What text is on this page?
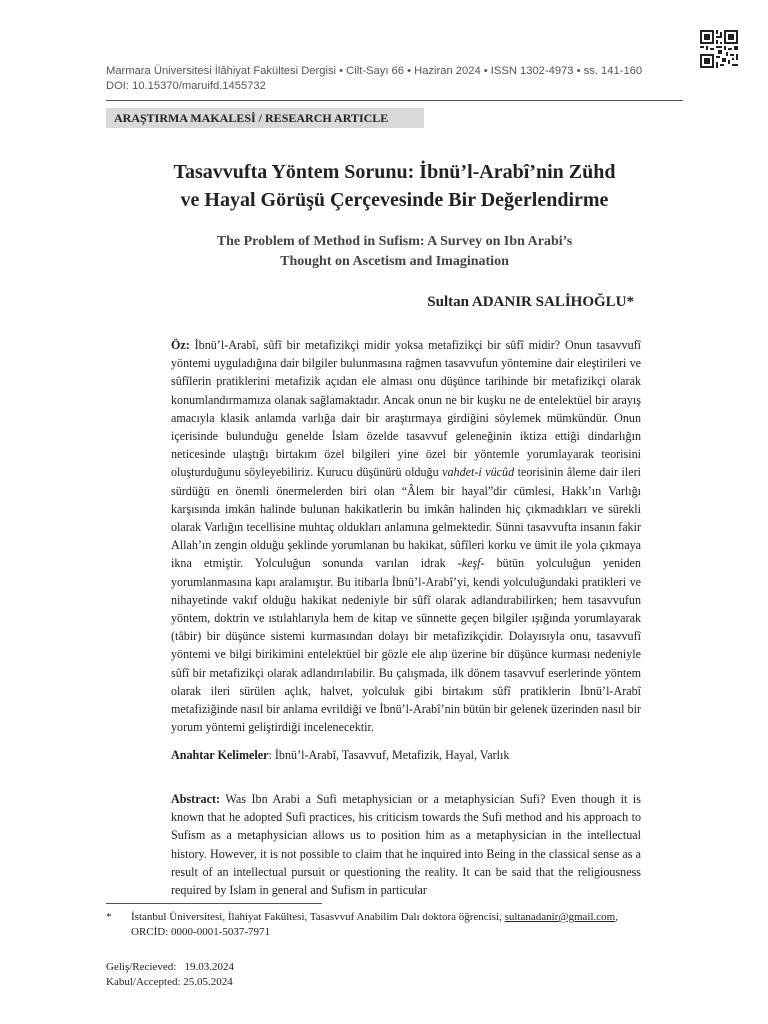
Marmara Üniversitesi İlâhiyat Fakültesi Dergisi • Cilt-Sayı 66 • Haziran 2024 • ISSN 1302-4973 • ss. 141-160
DOI: 10.15370/maruifd.1455732
ARAŞTIRMA MAKALESİ / RESEARCH ARTICLE
Tasavvufta Yöntem Sorunu: İbnü’l-Arabî’nin Zühd
ve Hayal Görüşü Çerçevesinde Bir Değerlendirme
The Problem of Method in Sufism: A Survey on Ibn Arabi’s
Thought on Ascetism and Imagination
Sultan ADANIR SALİHOĞLU*
Öz: İbnü’l-Arabî, sûfî bir metafizikçi midir yoksa metafizikçi bir sûfî midir? Onun tasavvufî yöntemi uyguladığına dair bilgiler bulunmasına rağmen tasavvufun yöntemine dair eleştirileri ve sûfîlerin pratiklerini metafizik açıdan ele alması onu düşünce tarihinde bir metafizikçi olarak konumlandırmamıza olanak sağlamaktadır. Ancak onun ne bir kuşku ne de entelektüel bir arayış amacıyla klasik anlamda varlığa dair bir araştırmaya girdiğini söylemek mümkündür. Onun içerisinde bulunduğu genelde İslam özelde tasavvuf geleneğinin iktiza ettiği dindarlığın neticesinde ulaştığı birtakım özel bilgileri yine özel bir yöntemle yorumlayarak teorisini oluşturduğunu söyleyebiliriz. Kurucu düşünürü olduğu vahdet-i vücûd teorisinin âleme dair ileri sürdüğü en önemli önermelerden biri olan “Âlem bir hayal”dir cümlesi, Hakk’ın Varlığı karşısında imkân halinde bulunan hakikatlerin bu imkân halinden hiç çıkmadıkları ve sürekli olarak Varlığın tecellisine muhtaç oldukları anlamına gelmektedir. Sünni tasavvufta insanın fakir Allah’ın zengin olduğu şeklinde yorumlanan bu hakikat, sûfîleri korku ve ümit ile yola çıkmaya ikna etmiştir. Yolculuğun sonunda varılan idrak -keşf- bütün yolculuğun yeniden yorumlanmasına kapı aralamıştır. Bu itibarla İbnü’l-Arabî’yi, kendi yolculuğundaki pratikleri ve nihayetinde vakıf olduğu hakikat nedeniyle bir sûfî olarak adlandırabilirken; hem tasavvufun yöntem, doktrin ve ıstılahlarıyla hem de kitap ve sünnette geçen bilgiler ışığında yorumlayarak (tâbir) bir düşünce sistemi kurmasından dolayı bir metafizikçidir. Dolayısıyla onu, tasavvufî yöntemi ve bilgi birikimini entelektüel bir gözle ele alıp üzerine bir düşünce kurması nedeniyle sûfî bir metafizikçi olarak adlandırılabilir. Bu çalışmada, ilk dönem tasavvuf eserlerinde yöntem olarak ileri sürülen açlık, halvet, yolculuk gibi birtakım sûfî pratiklerin İbnü’l-Arabî metafiziğinde nasıl bir anlama evrildiği ve İbnü’l-Arabî’nin bütün bir gelenek üzerinden nasıl bir yorum yöntemi geliştirdiği incelenecektir.
Anahtar Kelimeler: İbnü’l-Arabî, Tasavvuf, Metafizik, Hayal, Varlık
Abstract: Was Ibn Arabi a Sufi metaphysician or a metaphysician Sufi? Even though it is known that he adopted Sufi practices, his criticism towards the Sufi method and his approach to Sufism as a metaphysician allows us to position him as a metaphysician in the intellectual history. However, it is not possible to claim that he inquired into Being in the classical sense as a result of an intellectual pursuit or questioning the reality. It can be said that the religiousness required by Islam in general and Sufism in particular
* İstanbul Üniversitesi, İlahiyat Fakültesi, Tasasvvuf Anabilim Dalı doktora öğrencisi, sultanadanir@gmail.com,
ORCİD: 0000-0001-5037-7971
Geliş/Recieved:   19.03.2024
Kabul/Accepted: 25.05.2024
